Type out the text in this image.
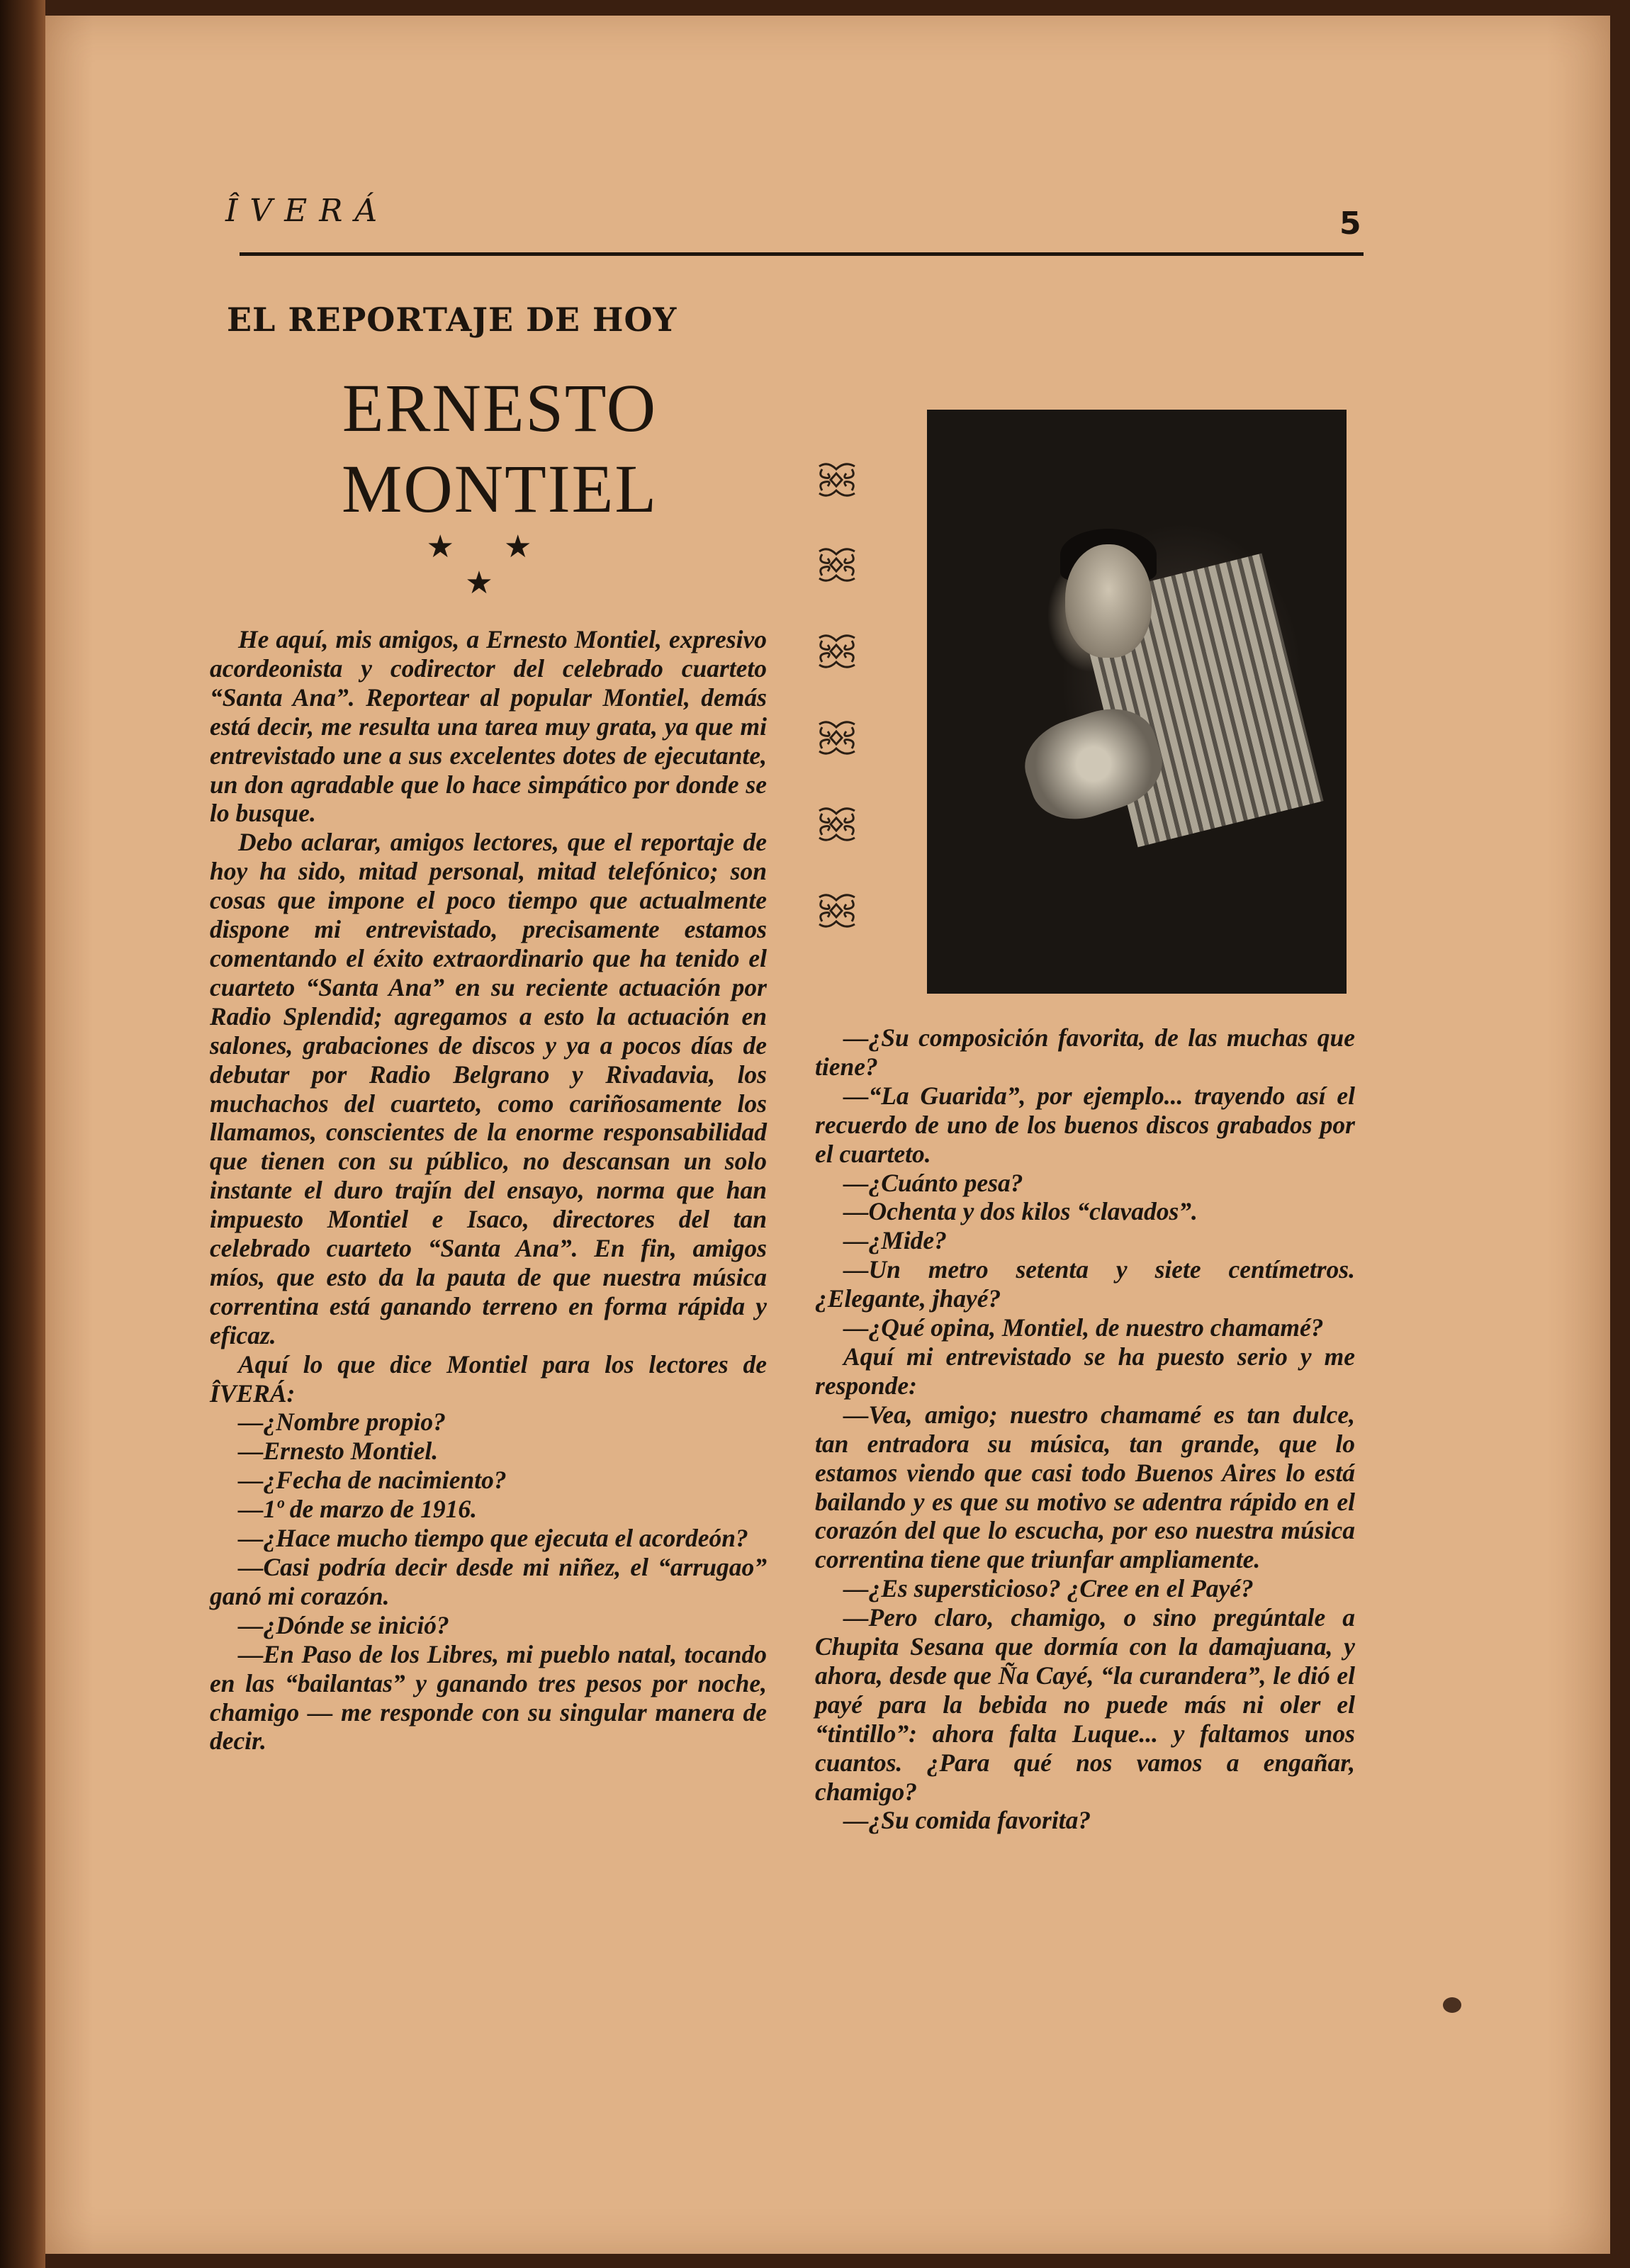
ÎVERÁ	5
EL REPORTAJE DE HOY
ERNESTO
MONTIEL
★ ★ ★

He aquí, mis amigos, a Ernesto Montiel, expresivo acordeonista y codirector del celebrado cuarteto “Santa Ana”. Reportear al popular Montiel, demás está decir, me resulta una tarea muy grata, ya que mi entrevistado une a sus excelentes dotes de ejecutante, un don agradable que lo hace simpático por donde se lo busque.

Debo aclarar, amigos lectores, que el reportaje de hoy ha sido, mitad personal, mitad telefónico; son cosas que impone el poco tiempo que actualmente dispone mi entrevistado, precisamente estamos comentando el éxito extraordinario que ha tenido el cuarteto “Santa Ana” en su reciente actuación por Radio Splendid; agregamos a esto la actuación en salones, grabaciones de discos y ya a pocos días de debutar por Radio Belgrano y Rivadavia, los muchachos del cuarteto, como cariñosamente los llamamos, conscientes de la enorme responsabilidad que tienen con su público, no descansan un solo instante el duro trajín del ensayo, norma que han impuesto Montiel e Isaco, directores del tan celebrado cuarteto “Santa Ana”. En fin, amigos míos, que esto da la pauta de que nuestra música correntina está ganando terreno en forma rápida y eficaz.

Aquí lo que dice Montiel para los lectores de ÎVERÁ:

—¿Nombre propio?

—Ernesto Montiel.

—¿Fecha de nacimiento?

—1º de marzo de 1916.

—¿Hace mucho tiempo que ejecuta el acordeón?

—Casi podría decir desde mi niñez, el “arrugao” ganó mi corazón.

—¿Dónde se inició?

—En Paso de los Libres, mi pueblo natal, tocando en las “bailantas” y ganando tres pesos por noche, chamigo — me responde con su singular manera de decir.

—¿Su composición favorita, de las muchas que tiene?

—“La Guarida”, por ejemplo... trayendo así el recuerdo de uno de los buenos discos grabados por el cuarteto.

—¿Cuánto pesa?

—Ochenta y dos kilos “clavados”.

—¿Mide?

—Un metro setenta y siete centímetros. ¿Elegante, jhayé?

—¿Qué opina, Montiel, de nuestro chamamé?

Aquí mi entrevistado se ha puesto serio y me responde:

—Vea, amigo; nuestro chamamé es tan dulce, tan entradora su música, tan grande, que lo estamos viendo que casi todo Buenos Aires lo está bailando y es que su motivo se adentra rápido en el corazón del que lo escucha, por eso nuestra música correntina tiene que triunfar ampliamente.

—¿Es supersticioso? ¿Cree en el Payé?

—Pero claro, chamigo, o sino pregúntale a Chupita Sesana que dormía con la damajuana, y ahora, desde que Ña Cayé, “la curandera”, le dió el payé para la bebida no puede más ni oler el “tintillo”: ahora falta Luque... y faltamos unos cuantos. ¿Para qué nos vamos a engañar, chamigo?

—¿Su comida favorita?
